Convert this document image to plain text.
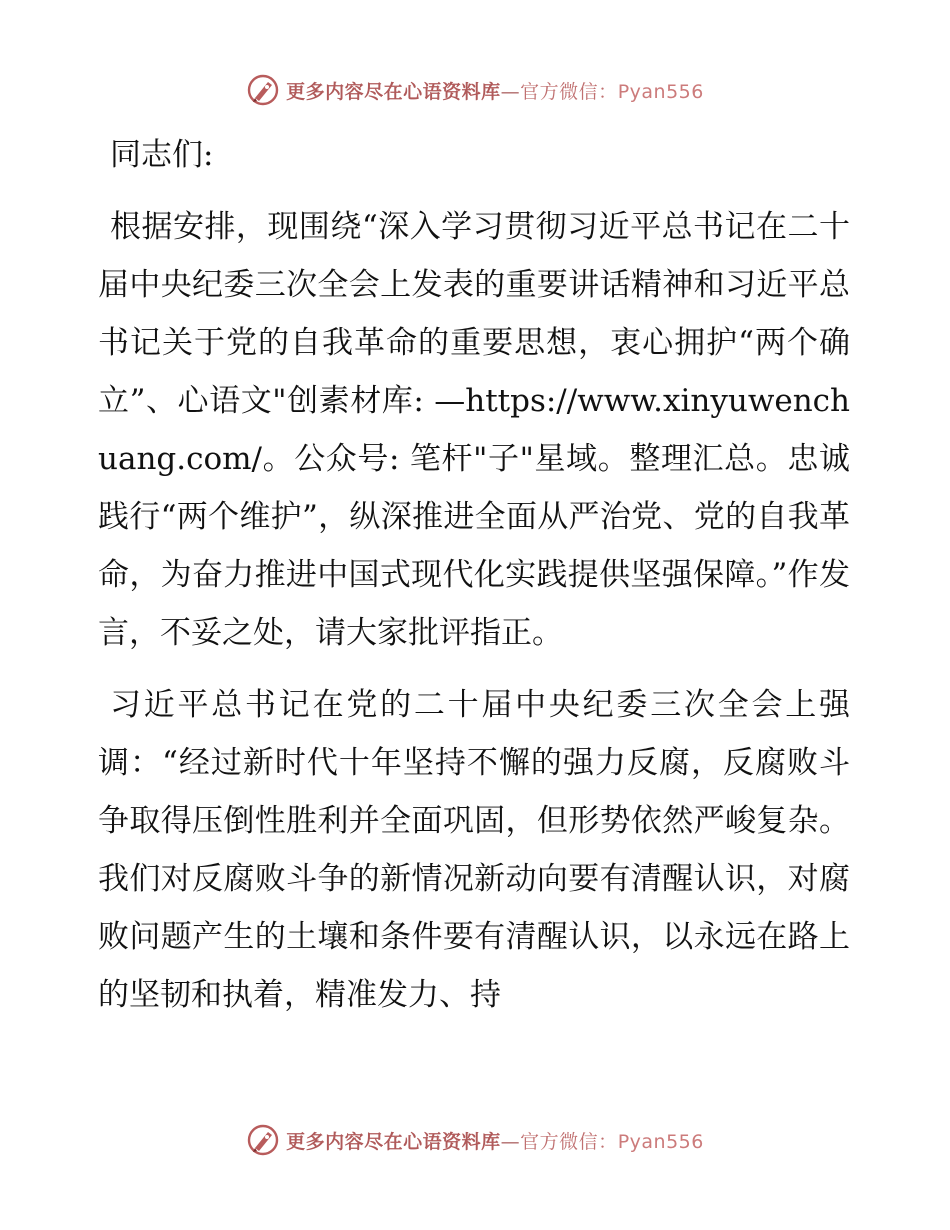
更多内容尽在心语资料库—官方微信：Pyan556

同志们:

根据安排，现围绕“深入学习贯彻习近平总书记在二十届中央纪委三次全会上发表的重要讲话精神和习近平总书记关于党的自我革命的重要思想，衷心拥护“两个确立”、心语文"创素材库: —https://www.xinyuwenchuang.com/。公众号: 笔杆"子"星域。整理汇总。忠诚践行“两个维护”，纵深推进全面从严治党、党的自我革命，为奋力推进中国式现代化实践提供坚强保障。”作发言，不妥之处，请大家批评指正。

习近平总书记在党的二十届中央纪委三次全会上强调：“经过新时代十年坚持不懈的强力反腐，反腐败斗争取得压倒性胜利并全面巩固，但形势依然严峻复杂。我们对反腐败斗争的新情况新动向要有清醒认识，对腐败问题产生的土壤和条件要有清醒认识，以永远在路上的坚韧和执着，精准发力、持

更多内容尽在心语资料库—官方微信：Pyan556
